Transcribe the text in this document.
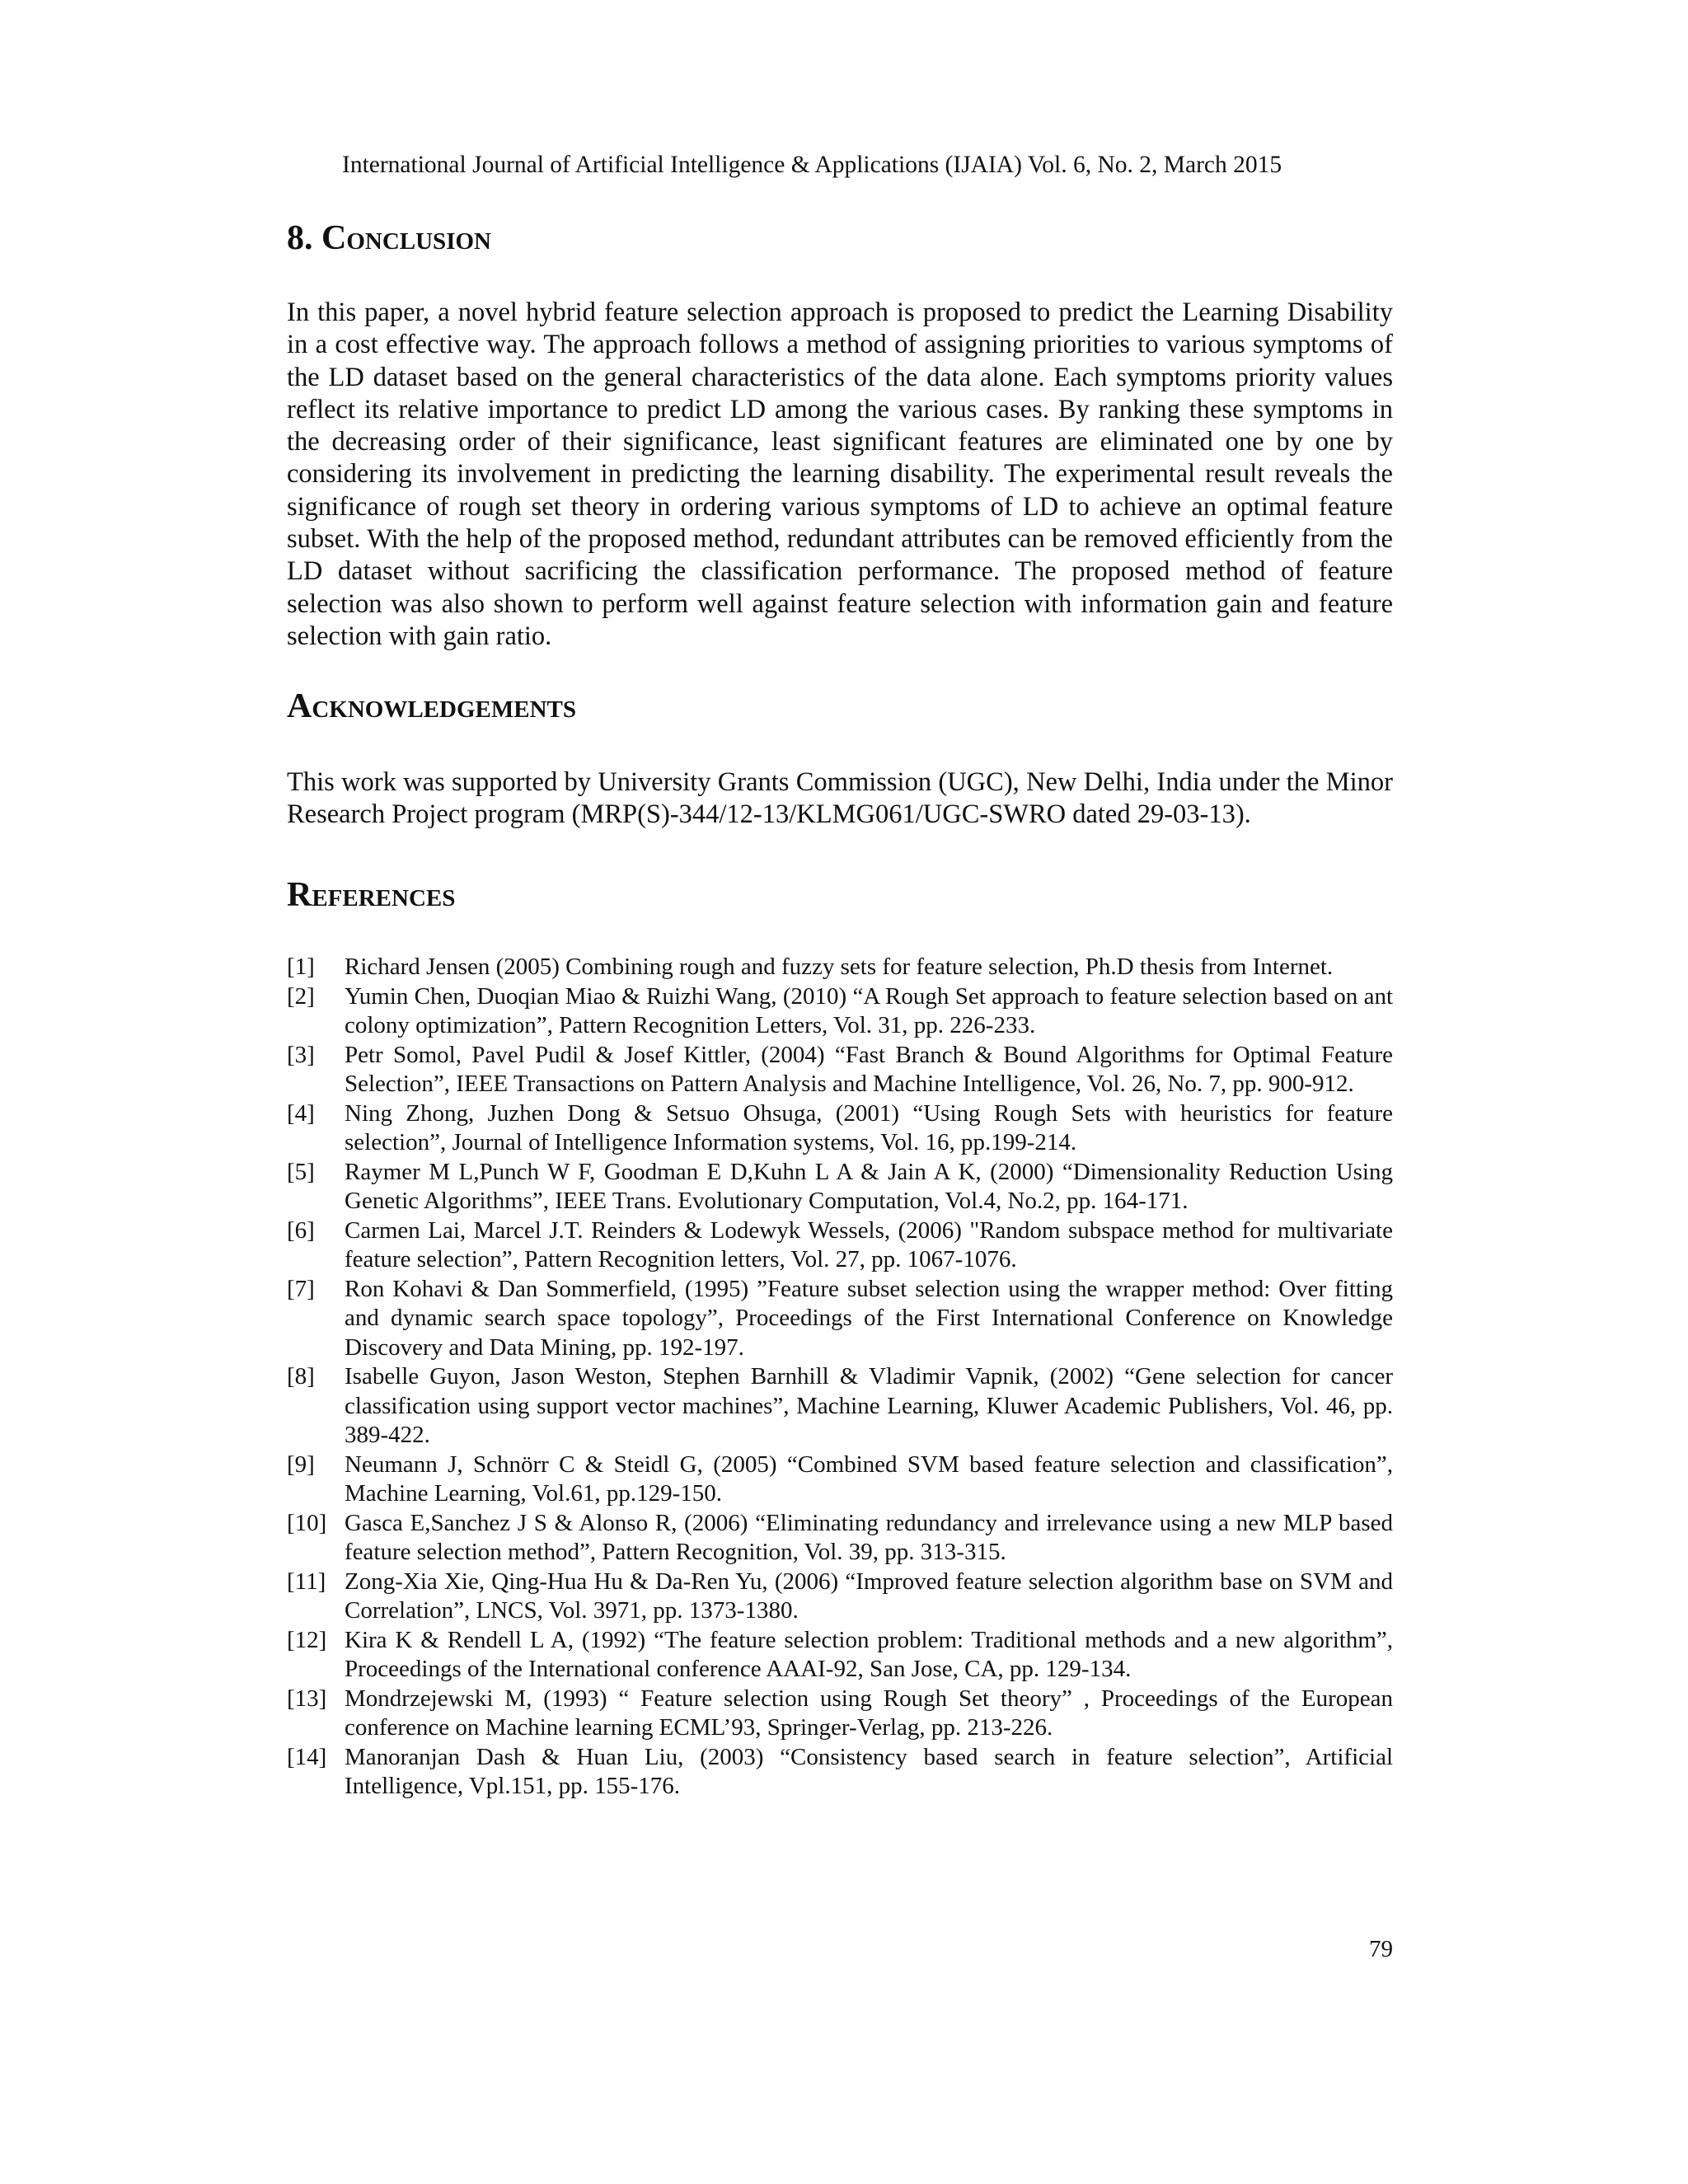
International Journal of Artificial Intelligence & Applications (IJAIA) Vol. 6, No. 2, March 2015
8. Conclusion

In this paper, a novel hybrid feature selection approach is proposed to predict the Learning Disability in a cost effective way. The approach follows a method of assigning priorities to various symptoms of the LD dataset based on the general characteristics of the data alone. Each symptoms priority values reflect its relative importance to predict LD among the various cases. By ranking these symptoms in the decreasing order of their significance, least significant features are eliminated one by one by considering its involvement in predicting the learning disability. The experimental result reveals the significance of rough set theory in ordering various symptoms of LD to achieve an optimal feature subset. With the help of the proposed method, redundant attributes can be removed efficiently from the LD dataset without sacrificing the classification performance. The proposed method of feature selection was also shown to perform well against feature selection with information gain and feature selection with gain ratio.

Acknowledgements

This work was supported by University Grants Commission (UGC), New Delhi, India under the Minor Research Project program (MRP(S)-344/12-13/KLMG061/UGC-SWRO dated 29-03-13).

References
[1] Richard Jensen (2005) Combining rough and fuzzy sets for feature selection, Ph.D thesis from Internet.
[2] Yumin Chen, Duoqian Miao & Ruizhi Wang, (2010) “A Rough Set approach to feature selection based on ant colony optimization”, Pattern Recognition Letters, Vol. 31, pp. 226-233.
[3] Petr Somol, Pavel Pudil & Josef Kittler, (2004) “Fast Branch & Bound Algorithms for Optimal Feature Selection”, IEEE Transactions on Pattern Analysis and Machine Intelligence, Vol. 26, No. 7, pp. 900-912.
[4] Ning Zhong, Juzhen Dong & Setsuo Ohsuga, (2001) “Using Rough Sets with heuristics for feature selection”, Journal of Intelligence Information systems, Vol. 16, pp.199-214.
[5] Raymer M L,Punch W F, Goodman E D,Kuhn L A & Jain A K, (2000) “Dimensionality Reduction Using Genetic Algorithms”, IEEE Trans. Evolutionary Computation, Vol.4, No.2, pp. 164-171.
[6] Carmen Lai, Marcel J.T. Reinders & Lodewyk Wessels, (2006) "Random subspace method for multivariate feature selection”, Pattern Recognition letters, Vol. 27, pp. 1067-1076.
[7] Ron Kohavi & Dan Sommerfield, (1995) ”Feature subset selection using the wrapper method: Over fitting and dynamic search space topology”, Proceedings of the First International Conference on Knowledge Discovery and Data Mining, pp. 192-197.
[8] Isabelle Guyon, Jason Weston, Stephen Barnhill & Vladimir Vapnik, (2002) “Gene selection for cancer classification using support vector machines”, Machine Learning, Kluwer Academic Publishers, Vol. 46, pp. 389-422.
[9] Neumann J, Schnörr C & Steidl G, (2005) “Combined SVM based feature selection and classification”, Machine Learning, Vol.61, pp.129-150.
[10] Gasca E,Sanchez J S & Alonso R, (2006) “Eliminating redundancy and irrelevance using a new MLP based feature selection method”, Pattern Recognition, Vol. 39, pp. 313-315.
[11] Zong-Xia Xie, Qing-Hua Hu & Da-Ren Yu, (2006) “Improved feature selection algorithm base on SVM and Correlation”, LNCS, Vol. 3971, pp. 1373-1380.
[12] Kira K & Rendell L A, (1992) “The feature selection problem: Traditional methods and a new algorithm”, Proceedings of the International conference AAAI-92, San Jose, CA, pp. 129-134.
[13] Mondrzejewski M, (1993) “ Feature selection using Rough Set theory” , Proceedings of the European conference on Machine learning ECML’93, Springer-Verlag, pp. 213-226.
[14] Manoranjan Dash & Huan Liu, (2003) “Consistency based search in feature selection”, Artificial Intelligence, Vpl.151, pp. 155-176.
79
